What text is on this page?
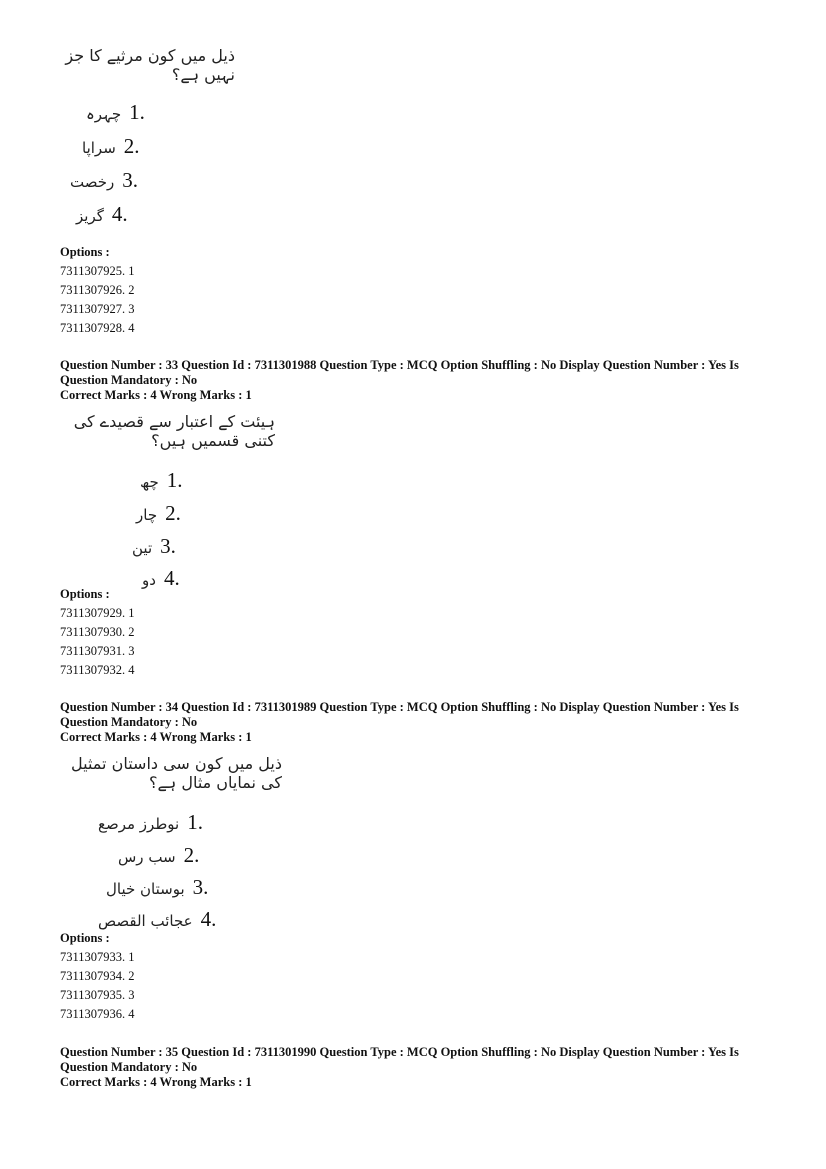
ذیل میں کون مرثیے کا جز نہیں ہے؟
چہرہ 1.
سراپا 2.
رخصت 3.
گریز 4.
Options :
7311307925. 1
7311307926. 2
7311307927. 3
7311307928. 4
Question Number : 33 Question Id : 7311301988 Question Type : MCQ Option Shuffling : No Display Question Number : Yes Is
Question Mandatory : No
Correct Marks : 4 Wrong Marks : 1
ہیئت کے اعتبار سے قصیدے کی کتنی قسمیں ہیں؟
چھ 1.
چار 2.
تین 3.
دو 4.
Options :
7311307929. 1
7311307930. 2
7311307931. 3
7311307932. 4
Question Number : 34 Question Id : 7311301989 Question Type : MCQ Option Shuffling : No Display Question Number : Yes Is
Question Mandatory : No
Correct Marks : 4 Wrong Marks : 1
ذیل میں کون سی داستان تمثیل کی نمایاں مثال ہے؟
نوطرز مرصع 1.
سب رس 2.
بوستان خیال 3.
عجائب القصص 4.
Options :
7311307933. 1
7311307934. 2
7311307935. 3
7311307936. 4
Question Number : 35 Question Id : 7311301990 Question Type : MCQ Option Shuffling : No Display Question Number : Yes Is
Question Mandatory : No
Correct Marks : 4 Wrong Marks : 1
